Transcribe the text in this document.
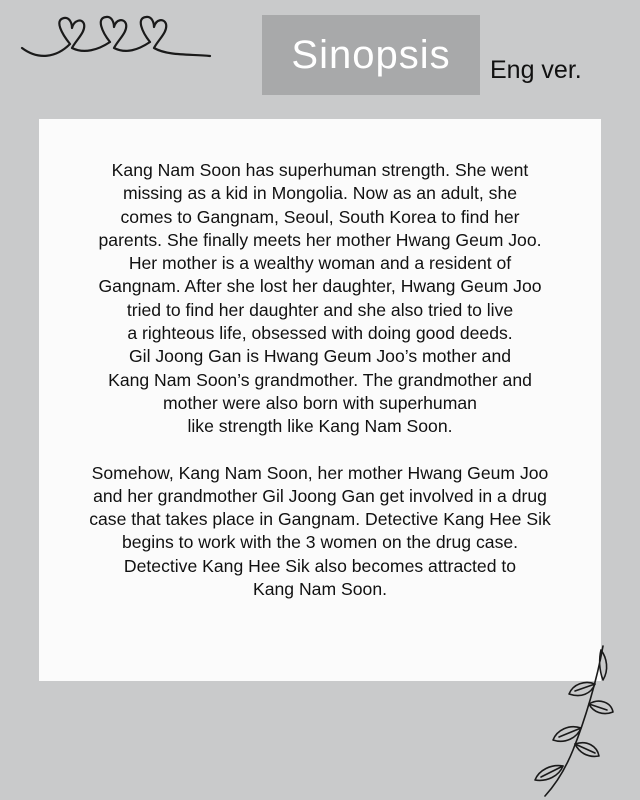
Sinopsis Eng ver.
Kang Nam Soon has superhuman strength. She went
missing as a kid in Mongolia. Now as an adult, she
comes to Gangnam, Seoul, South Korea to find her
parents. She finally meets her mother Hwang Geum Joo.
Her mother is a wealthy woman and a resident of
Gangnam. After she lost her daughter, Hwang Geum Joo
tried to find her daughter and she also tried to live
a righteous life, obsessed with doing good deeds.
Gil Joong Gan is Hwang Geum Joo’s mother and
Kang Nam Soon’s grandmother. The grandmother and
mother were also born with superhuman
like strength like Kang Nam Soon.
Somehow, Kang Nam Soon, her mother Hwang Geum Joo
and her grandmother Gil Joong Gan get involved in a drug
case that takes place in Gangnam. Detective Kang Hee Sik
begins to work with the 3 women on the drug case.
Detective Kang Hee Sik also becomes attracted to
Kang Nam Soon.
